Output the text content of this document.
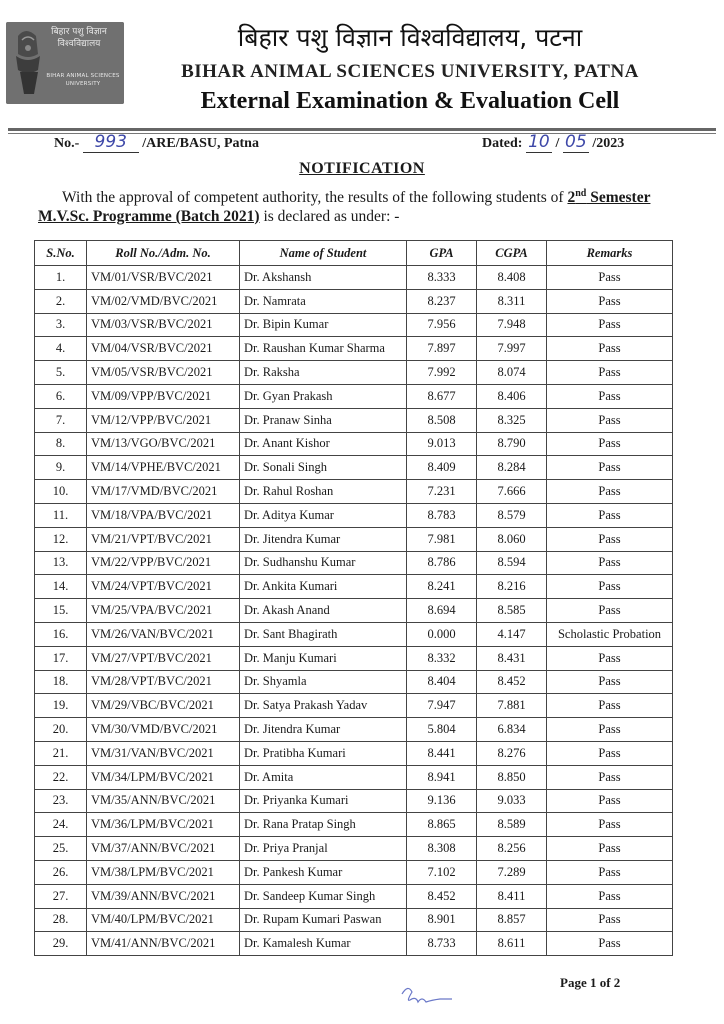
बिहार पशु विज्ञान
विश्वविद्यालय
BIHAR ANIMAL SCIENCES
UNIVERSITY
बिहार पशु विज्ञान विश्वविद्यालय, पटना
BIHAR ANIMAL SCIENCES UNIVERSITY, PATNA
External Examination & Evaluation Cell
No.- 993 /ARE/BASU, Patna	Dated: 10 / 05 /2023
NOTIFICATION
With the approval of competent authority, the results of the following students of 2nd Semester
M.V.Sc. Programme (Batch 2021) is declared as under: -
S.No.	Roll No./Adm. No.	Name of Student	GPA	CGPA	Remarks
1.	VM/01/VSR/BVC/2021	Dr. Akshansh	8.333	8.408	Pass
2.	VM/02/VMD/BVC/2021	Dr. Namrata	8.237	8.311	Pass
3.	VM/03/VSR/BVC/2021	Dr. Bipin Kumar	7.956	7.948	Pass
4.	VM/04/VSR/BVC/2021	Dr. Raushan Kumar Sharma	7.897	7.997	Pass
5.	VM/05/VSR/BVC/2021	Dr. Raksha	7.992	8.074	Pass
6.	VM/09/VPP/BVC/2021	Dr. Gyan Prakash	8.677	8.406	Pass
7.	VM/12/VPP/BVC/2021	Dr. Pranaw Sinha	8.508	8.325	Pass
8.	VM/13/VGO/BVC/2021	Dr. Anant Kishor	9.013	8.790	Pass
9.	VM/14/VPHE/BVC/2021	Dr. Sonali Singh	8.409	8.284	Pass
10.	VM/17/VMD/BVC/2021	Dr. Rahul Roshan	7.231	7.666	Pass
11.	VM/18/VPA/BVC/2021	Dr. Aditya Kumar	8.783	8.579	Pass
12.	VM/21/VPT/BVC/2021	Dr. Jitendra Kumar	7.981	8.060	Pass
13.	VM/22/VPP/BVC/2021	Dr. Sudhanshu Kumar	8.786	8.594	Pass
14.	VM/24/VPT/BVC/2021	Dr. Ankita Kumari	8.241	8.216	Pass
15.	VM/25/VPA/BVC/2021	Dr. Akash Anand	8.694	8.585	Pass
16.	VM/26/VAN/BVC/2021	Dr. Sant Bhagirath	0.000	4.147	Scholastic Probation
17.	VM/27/VPT/BVC/2021	Dr. Manju Kumari	8.332	8.431	Pass
18.	VM/28/VPT/BVC/2021	Dr. Shyamla	8.404	8.452	Pass
19.	VM/29/VBC/BVC/2021	Dr. Satya Prakash Yadav	7.947	7.881	Pass
20.	VM/30/VMD/BVC/2021	Dr. Jitendra Kumar	5.804	6.834	Pass
21.	VM/31/VAN/BVC/2021	Dr. Pratibha Kumari	8.441	8.276	Pass
22.	VM/34/LPM/BVC/2021	Dr. Amita	8.941	8.850	Pass
23.	VM/35/ANN/BVC/2021	Dr. Priyanka Kumari	9.136	9.033	Pass
24.	VM/36/LPM/BVC/2021	Dr. Rana Pratap Singh	8.865	8.589	Pass
25.	VM/37/ANN/BVC/2021	Dr. Priya Pranjal	8.308	8.256	Pass
26.	VM/38/LPM/BVC/2021	Dr. Pankesh Kumar	7.102	7.289	Pass
27.	VM/39/ANN/BVC/2021	Dr. Sandeep Kumar Singh	8.452	8.411	Pass
28.	VM/40/LPM/BVC/2021	Dr. Rupam Kumari Paswan	8.901	8.857	Pass
29.	VM/41/ANN/BVC/2021	Dr. Kamalesh Kumar	8.733	8.611	Pass
Page 1 of 2
